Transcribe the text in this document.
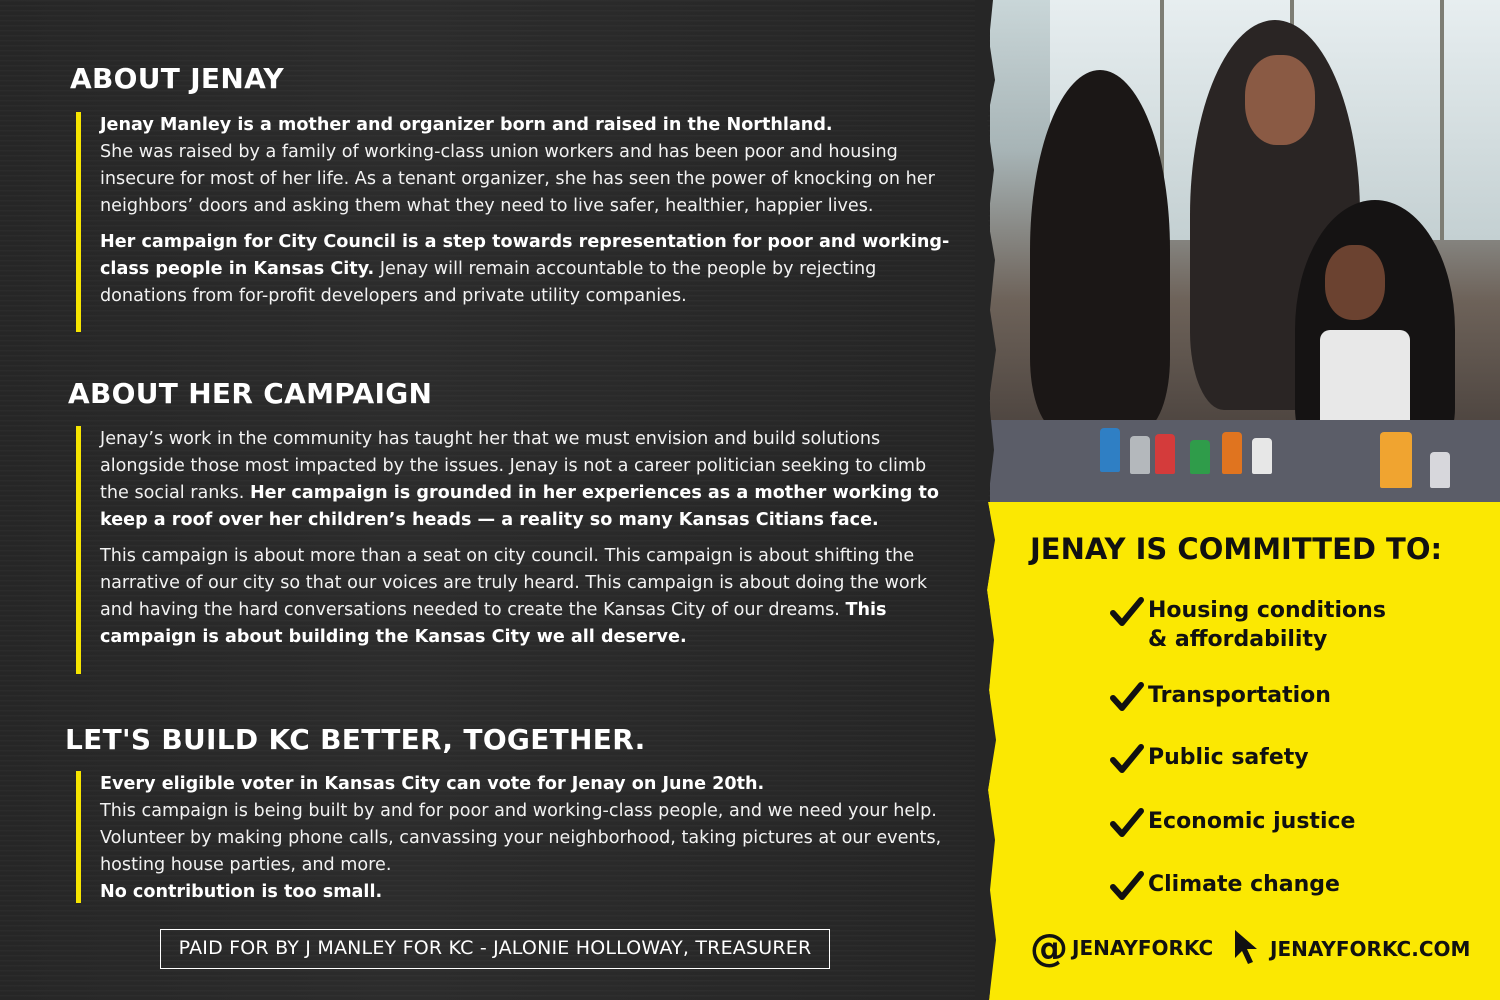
ABOUT JENAY

Jenay Manley is a mother and organizer born and raised in the Northland.
She was raised by a family of working-class union workers and has been poor and housing insecure for most of her life. As a tenant organizer, she has seen the power of knocking on her neighbors’ doors and asking them what they need to live safer, healthier, happier lives.

Her campaign for City Council is a step towards representation for poor and working-class people in Kansas City. Jenay will remain accountable to the people by rejecting donations from for-profit developers and private utility companies.

ABOUT HER CAMPAIGN

Jenay’s work in the community has taught her that we must envision and build solutions alongside those most impacted by the issues. Jenay is not a career politician seeking to climb the social ranks. Her campaign is grounded in her experiences as a mother working to keep a roof over her children’s heads — a reality so many Kansas Citians face.

This campaign is about more than a seat on city council. This campaign is about shifting the narrative of our city so that our voices are truly heard. This campaign is about doing the work and having the hard conversations needed to create the Kansas City of our dreams. This campaign is about building the Kansas City we all deserve.

LET'S BUILD KC BETTER, TOGETHER.

Every eligible voter in Kansas City can vote for Jenay on June 20th.
This campaign is being built by and for poor and working-class people, and we need your help. Volunteer by making phone calls, canvassing your neighborhood, taking pictures at our events, hosting house parties, and more.
No contribution is too small.

PAID FOR BY J MANLEY FOR KC - JALONIE HOLLOWAY, TREASURER
JENAY IS COMMITTED TO:
Housing conditions
& affordability
Transportation
Public safety
Economic justice
Climate change
@ JENAYFORKC	JENAYFORKC.COM
